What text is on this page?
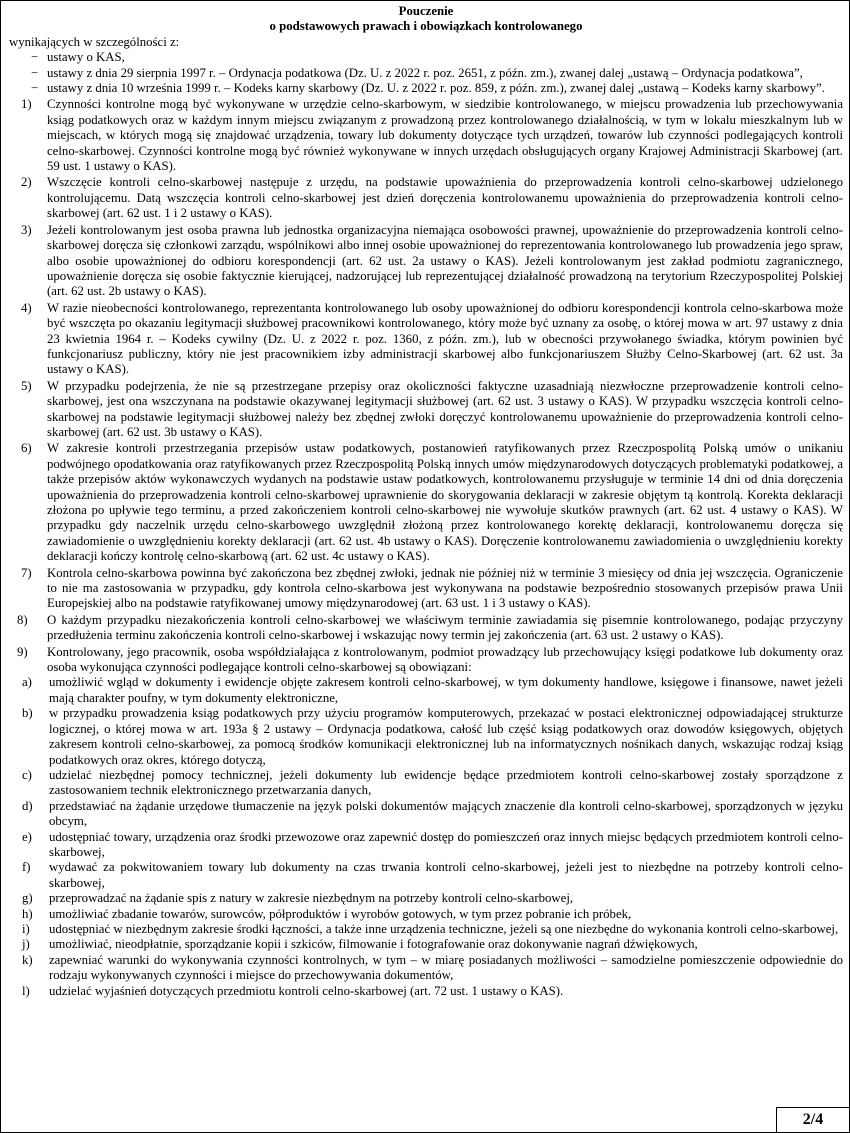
Pouczenie
o podstawowych prawach i obowiązkach kontrolowanego

wynikających w szczególności z:

− ustawy o KAS,
− ustawy z dnia 29 sierpnia 1997 r. – Ordynacja podatkowa (Dz. U. z 2022 r. poz. 2651, z późn. zm.), zwanej dalej „ustawą – Ordynacja podatkowa”,
− ustawy z dnia 10 września 1999 r. – Kodeks karny skarbowy (Dz. U. z 2022 r. poz. 859, z późn. zm.), zwanej dalej „ustawą – Kodeks karny skarbowy”.
1)	Czynności kontrolne mogą być wykonywane w urzędzie celno-skarbowym, w siedzibie kontrolowanego, w miejscu prowadzenia lub przechowywania ksiąg podatkowych oraz w każdym innym miejscu związanym z prowadzoną przez kontrolowanego działalnością, w tym w lokalu mieszkalnym lub w miejscach, w których mogą się znajdować urządzenia, towary lub dokumenty dotyczące tych urządzeń, towarów lub czynności podlegających kontroli celno-skarbowej. Czynności kontrolne mogą być również wykonywane w innych urzędach obsługujących organy Krajowej Administracji Skarbowej (art. 59 ust. 1 ustawy o KAS).
2)	Wszczęcie kontroli celno-skarbowej następuje z urzędu, na podstawie upoważnienia do przeprowadzenia kontroli celno-skarbowej udzielonego kontrolującemu. Datą wszczęcia kontroli celno-skarbowej jest dzień doręczenia kontrolowanemu upoważnienia do przeprowadzenia kontroli celno-skarbowej (art. 62 ust. 1 i 2 ustawy o KAS).
3)	Jeżeli kontrolowanym jest osoba prawna lub jednostka organizacyjna niemająca osobowości prawnej, upoważnienie do przeprowadzenia kontroli celno-skarbowej doręcza się członkowi zarządu, wspólnikowi albo innej osobie upoważnionej do reprezentowania kontrolowanego lub prowadzenia jego spraw, albo osobie upoważnionej do odbioru korespondencji (art. 62 ust. 2a ustawy o KAS). Jeżeli kontrolowanym jest zakład podmiotu zagranicznego, upoważnienie doręcza się osobie faktycznie kierującej, nadzorującej lub reprezentującej działalność prowadzoną na terytorium Rzeczypospolitej Polskiej (art. 62 ust. 2b ustawy o KAS).
4)	W razie nieobecności kontrolowanego, reprezentanta kontrolowanego lub osoby upoważnionej do odbioru korespondencji kontrola celno-skarbowa może być wszczęta po okazaniu legitymacji służbowej pracownikowi kontrolowanego, który może być uznany za osobę, o której mowa w art. 97 ustawy z dnia 23 kwietnia 1964 r. – Kodeks cywilny (Dz. U. z 2022 r. poz. 1360, z późn. zm.), lub w obecności przywołanego świadka, którym powinien być funkcjonariusz publiczny, który nie jest pracownikiem izby administracji skarbowej albo funkcjonariuszem Służby Celno-Skarbowej (art. 62 ust. 3a ustawy o KAS).
5)	W przypadku podejrzenia, że nie są przestrzegane przepisy oraz okoliczności faktyczne uzasadniają niezwłoczne przeprowadzenie kontroli celno-skarbowej, jest ona wszczynana na podstawie okazywanej legitymacji służbowej (art. 62 ust. 3 ustawy o KAS). W przypadku wszczęcia kontroli celno-skarbowej na podstawie legitymacji służbowej należy bez zbędnej zwłoki doręczyć kontrolowanemu upoważnienie do przeprowadzenia kontroli celno-skarbowej (art. 62 ust. 3b ustawy o KAS).
6)	W zakresie kontroli przestrzegania przepisów ustaw podatkowych, postanowień ratyfikowanych przez Rzeczpospolitą Polską umów o unikaniu podwójnego opodatkowania oraz ratyfikowanych przez Rzeczpospolitą Polską innych umów międzynarodowych dotyczących problematyki podatkowej, a także przepisów aktów wykonawczych wydanych na podstawie ustaw podatkowych, kontrolowanemu przysługuje w terminie 14 dni od dnia doręczenia upoważnienia do przeprowadzenia kontroli celno-skarbowej uprawnienie do skorygowania deklaracji w zakresie objętym tą kontrolą. Korekta deklaracji złożona po upływie tego terminu, a przed zakończeniem kontroli celno-skarbowej nie wywołuje skutków prawnych (art. 62 ust. 4 ustawy o KAS). W przypadku gdy naczelnik urzędu celno-skarbowego uwzględnił złożoną przez kontrolowanego korektę deklaracji, kontrolowanemu doręcza się zawiadomienie o uwzględnieniu korekty deklaracji (art. 62 ust. 4b ustawy o KAS). Doręczenie kontrolowanemu zawiadomienia o uwzględnieniu korekty deklaracji kończy kontrolę celno-skarbową (art. 62 ust. 4c ustawy o KAS).
7)	Kontrola celno-skarbowa powinna być zakończona bez zbędnej zwłoki, jednak nie później niż w terminie 3 miesięcy od dnia jej wszczęcia. Ograniczenie to nie ma zastosowania w przypadku, gdy kontrola celno-skarbowa jest wykonywana na podstawie bezpośrednio stosowanych przepisów prawa Unii Europejskiej albo na podstawie ratyfikowanej umowy międzynarodowej (art. 63 ust. 1 i 3 ustawy o KAS).
8)	O każdym przypadku niezakończenia kontroli celno-skarbowej we właściwym terminie zawiadamia się pisemnie kontrolowanego, podając przyczyny przedłużenia terminu zakończenia kontroli celno-skarbowej i wskazując nowy termin jej zakończenia (art. 63 ust. 2 ustawy o KAS).
9)	Kontrolowany, jego pracownik, osoba współdziałająca z kontrolowanym, podmiot prowadzący lub przechowujący księgi podatkowe lub dokumenty oraz osoba wykonująca czynności podlegające kontroli celno-skarbowej są obowiązani:
a)	umożliwić wgląd w dokumenty i ewidencje objęte zakresem kontroli celno-skarbowej, w tym dokumenty handlowe, księgowe i finansowe, nawet jeżeli mają charakter poufny, w tym dokumenty elektroniczne,
b)	w przypadku prowadzenia ksiąg podatkowych przy użyciu programów komputerowych, przekazać w postaci elektronicznej odpowiadającej strukturze logicznej, o której mowa w art. 193a § 2 ustawy – Ordynacja podatkowa, całość lub część ksiąg podatkowych oraz dowodów księgowych, objętych zakresem kontroli celno-skarbowej, za pomocą środków komunikacji elektronicznej lub na informatycznych nośnikach danych, wskazując rodzaj ksiąg podatkowych oraz okres, którego dotyczą,
c)	udzielać niezbędnej pomocy technicznej, jeżeli dokumenty lub ewidencje będące przedmiotem kontroli celno-skarbowej zostały sporządzone z zastosowaniem technik elektronicznego przetwarzania danych,
d)	przedstawiać na żądanie urzędowe tłumaczenie na język polski dokumentów mających znaczenie dla kontroli celno-skarbowej, sporządzonych w języku obcym,
e)	udostępniać towary, urządzenia oraz środki przewozowe oraz zapewnić dostęp do pomieszczeń oraz innych miejsc będących przedmiotem kontroli celno-skarbowej,
f)	wydawać za pokwitowaniem towary lub dokumenty na czas trwania kontroli celno-skarbowej, jeżeli jest to niezbędne na potrzeby kontroli celno-skarbowej,
g)	przeprowadzać na żądanie spis z natury w zakresie niezbędnym na potrzeby kontroli celno-skarbowej,
h)	umożliwiać zbadanie towarów, surowców, półproduktów i wyrobów gotowych, w tym przez pobranie ich próbek,
i)	udostępniać w niezbędnym zakresie środki łączności, a także inne urządzenia techniczne, jeżeli są one niezbędne do wykonania kontroli celno-skarbowej,
j)	umożliwiać, nieodpłatnie, sporządzanie kopii i szkiców, filmowanie i fotografowanie oraz dokonywanie nagrań dźwiękowych,
k)	zapewniać warunki do wykonywania czynności kontrolnych, w tym – w miarę posiadanych możliwości – samodzielne pomieszczenie odpowiednie do rodzaju wykonywanych czynności i miejsce do przechowywania dokumentów,
l)	udzielać wyjaśnień dotyczących przedmiotu kontroli celno-skarbowej (art. 72 ust. 1 ustawy o KAS).
2/4
